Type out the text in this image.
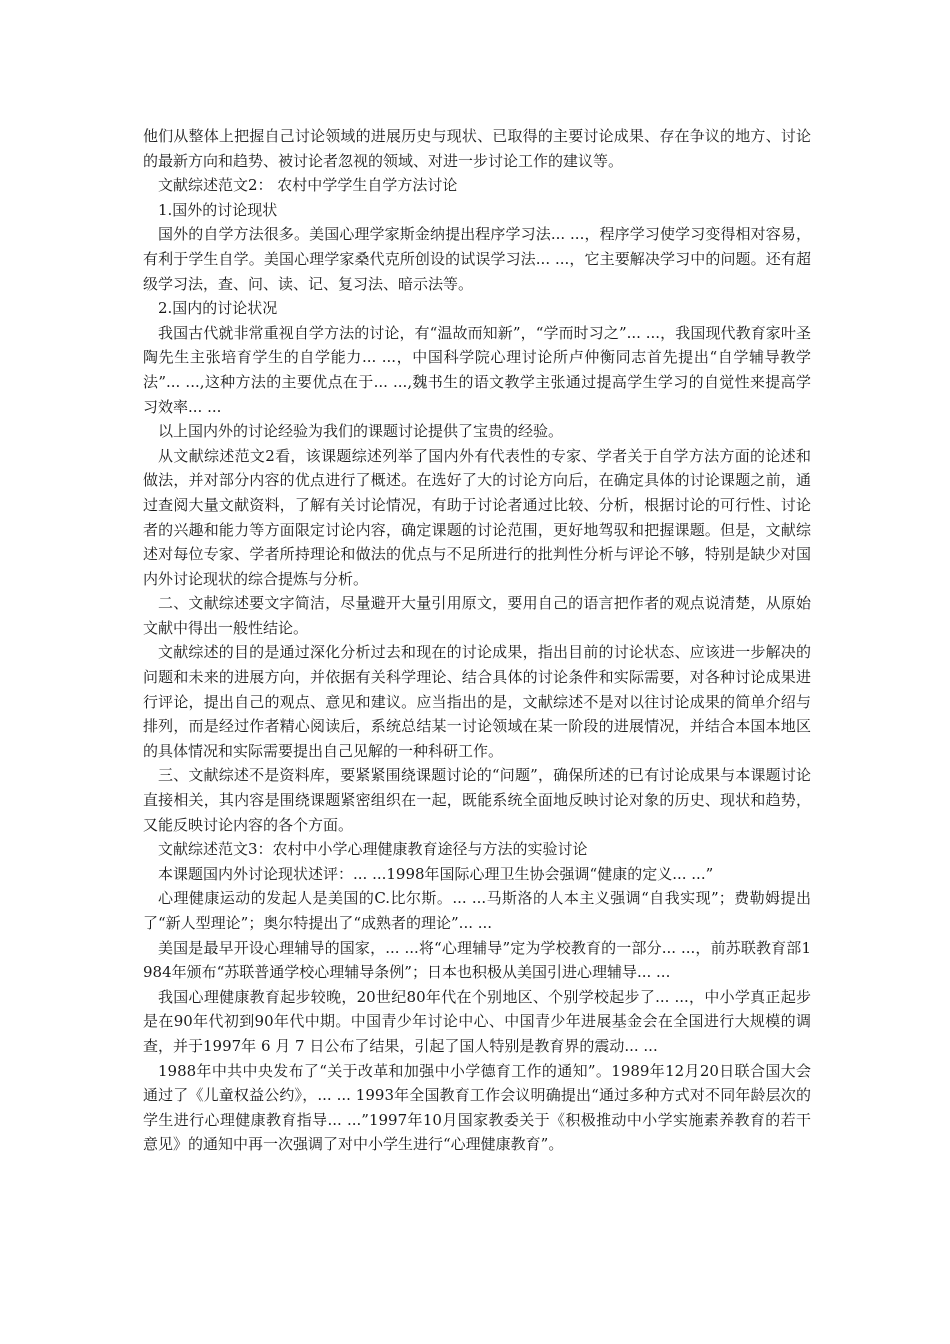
他们从整体上把握自己讨论领域的进展历史与现状、已取得的主要讨论成果、存在争议的地方、讨论的最新方向和趋势、被讨论者忽视的领域、对进一步讨论工作的建议等。

文献综述范文2： 农村中学学生自学方法讨论

1.国外的讨论现状

国外的自学方法很多。美国心理学家斯金纳提出程序学习法... ...，程序学习使学习变得相对容易，有利于学生自学。美国心理学家桑代克所创设的试误学习法... ...，它主要解决学习中的问题。还有超级学习法，查、问、读、记、复习法、暗示法等。

2.国内的讨论状况

我国古代就非常重视自学方法的讨论，有“温故而知新”，“学而时习之”... ...，我国现代教育家叶圣陶先生主张培育学生的自学能力... ...，中国科学院心理讨论所卢仲衡同志首先提出“自学辅导教学法”... ...,这种方法的主要优点在于... ...,魏书生的语文教学主张通过提高学生学习的自觉性来提高学习效率... ...

以上国内外的讨论经验为我们的课题讨论提供了宝贵的经验。

从文献综述范文2看，该课题综述列举了国内外有代表性的专家、学者关于自学方法方面的论述和做法，并对部分内容的优点进行了概述。在选好了大的讨论方向后，在确定具体的讨论课题之前，通过查阅大量文献资料，了解有关讨论情况，有助于讨论者通过比较、分析，根据讨论的可行性、讨论者的兴趣和能力等方面限定讨论内容，确定课题的讨论范围，更好地驾驭和把握课题。但是，文献综述对每位专家、学者所持理论和做法的优点与不足所进行的批判性分析与评论不够，特别是缺少对国内外讨论现状的综合提炼与分析。

二、文献综述要文字简洁，尽量避开大量引用原文，要用自己的语言把作者的观点说清楚，从原始文献中得出一般性结论。

文献综述的目的是通过深化分析过去和现在的讨论成果，指出目前的讨论状态、应该进一步解决的问题和未来的进展方向，并依据有关科学理论、结合具体的讨论条件和实际需要，对各种讨论成果进行评论，提出自己的观点、意见和建议。应当指出的是，文献综述不是对以往讨论成果的简单介绍与排列，而是经过作者精心阅读后，系统总结某一讨论领域在某一阶段的进展情况，并结合本国本地区的具体情况和实际需要提出自己见解的一种科研工作。

三、文献综述不是资料库，要紧紧围绕课题讨论的“问题”，确保所述的已有讨论成果与本课题讨论直接相关，其内容是围绕课题紧密组织在一起，既能系统全面地反映讨论对象的历史、现状和趋势，又能反映讨论内容的各个方面。

文献综述范文3：农村中小学心理健康教育途径与方法的实验讨论

本课题国内外讨论现状述评：... ...1998年国际心理卫生协会强调“健康的定义... ...”

心理健康运动的发起人是美国的C.比尔斯。... ...马斯洛的人本主义强调“自我实现”；费勒姆提出了“新人型理论”；奥尔特提出了“成熟者的理论”... ...

美国是最早开设心理辅导的国家，... ...将“心理辅导”定为学校教育的一部分... ...，前苏联教育部1984年颁布“苏联普通学校心理辅导条例”；日本也积极从美国引进心理辅导... ...

我国心理健康教育起步较晚，20世纪80年代在个别地区、个别学校起步了... ...，中小学真正起步是在90年代初到90年代中期。中国青少年讨论中心、中国青少年进展基金会在全国进行大规模的调查，并于1997年 6 月 7 日公布了结果，引起了国人特别是教育界的震动... ...

1988年中共中央发布了“关于改革和加强中小学德育工作的通知”。1989年12月20日联合国大会通过了《儿童权益公约》，... ... 1993年全国教育工作会议明确提出“通过多种方式对不同年龄层次的学生进行心理健康教育指导... ...”1997年10月国家教委关于《积极推动中小学实施素养教育的若干意见》的通知中再一次强调了对中小学生进行“心理健康教育”。
